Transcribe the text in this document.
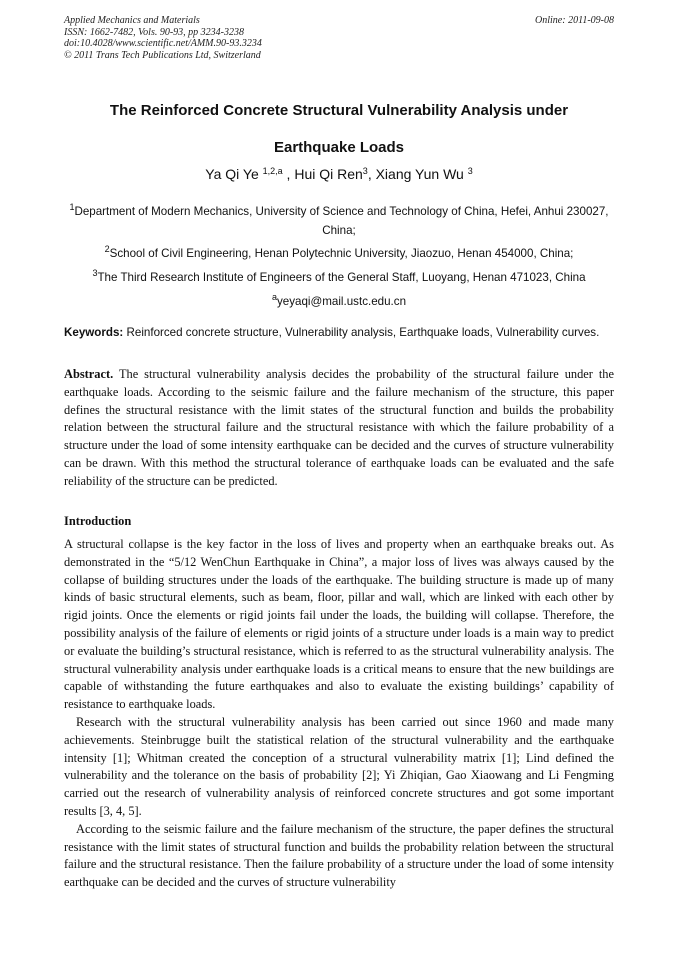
Applied Mechanics and Materials
ISSN: 1662-7482, Vols. 90-93, pp 3234-3238
doi:10.4028/www.scientific.net/AMM.90-93.3234
© 2011 Trans Tech Publications Ltd, Switzerland
Online: 2011-09-08
The Reinforced Concrete Structural Vulnerability Analysis under
Earthquake Loads
Ya Qi Ye $^{1,2,a}$ , Hui Qi Ren$^3$, Xiang Yun Wu $^3$
$^1$Department of Modern Mechanics, University of Science and Technology of China, Hefei, Anhui 230027, China;
$^2$School of Civil Engineering, Henan Polytechnic University, Jiaozuo, Henan 454000, China;
$^3$The Third Research Institute of Engineers of the General Staff, Luoyang, Henan 471023, China
$^a$yeyaqi@mail.ustc.edu.cn
Keywords: Reinforced concrete structure, Vulnerability analysis, Earthquake loads, Vulnerability curves.

Abstract. The structural vulnerability analysis decides the probability of the structural failure under the earthquake loads. According to the seismic failure and the failure mechanism of the structure, this paper defines the structural resistance with the limit states of the structural function and builds the probability relation between the structural failure and the structural resistance with which the failure probability of a structure under the load of some intensity earthquake can be decided and the curves of structure vulnerability can be drawn. With this method the structural tolerance of earthquake loads can be evaluated and the safe reliability of the structure can be predicted.

Introduction

A structural collapse is the key factor in the loss of lives and property when an earthquake breaks out. As demonstrated in the “5/12 WenChun Earthquake in China”, a major loss of lives was always caused by the collapse of building structures under the loads of the earthquake. The building structure is made up of many kinds of basic structural elements, such as beam, floor, pillar and wall, which are linked with each other by rigid joints. Once the elements or rigid joints fail under the loads, the building will collapse. Therefore, the possibility analysis of the failure of elements or rigid joints of a structure under loads is a main way to predict or evaluate the building’s structural resistance, which is referred to as the structural vulnerability analysis. The structural vulnerability analysis under earthquake loads is a critical means to ensure that the new buildings are capable of withstanding the future earthquakes and also to evaluate the existing buildings’ capability of resistance to earthquake loads.

Research with the structural vulnerability analysis has been carried out since 1960 and made many achievements. Steinbrugge built the statistical relation of the structural vulnerability and the earthquake intensity [1]; Whitman created the conception of a structural vulnerability matrix [1]; Lind defined the vulnerability and the tolerance on the basis of probability [2]; Yi Zhiqian, Gao Xiaowang and Li Fengming carried out the research of vulnerability analysis of reinforced concrete structures and got some important results [3, 4, 5].

According to the seismic failure and the failure mechanism of the structure, the paper defines the structural resistance with the limit states of structural function and builds the probability relation between the structural failure and the structural resistance. Then the failure probability of a structure under the load of some intensity earthquake can be decided and the curves of structure vulnerability
